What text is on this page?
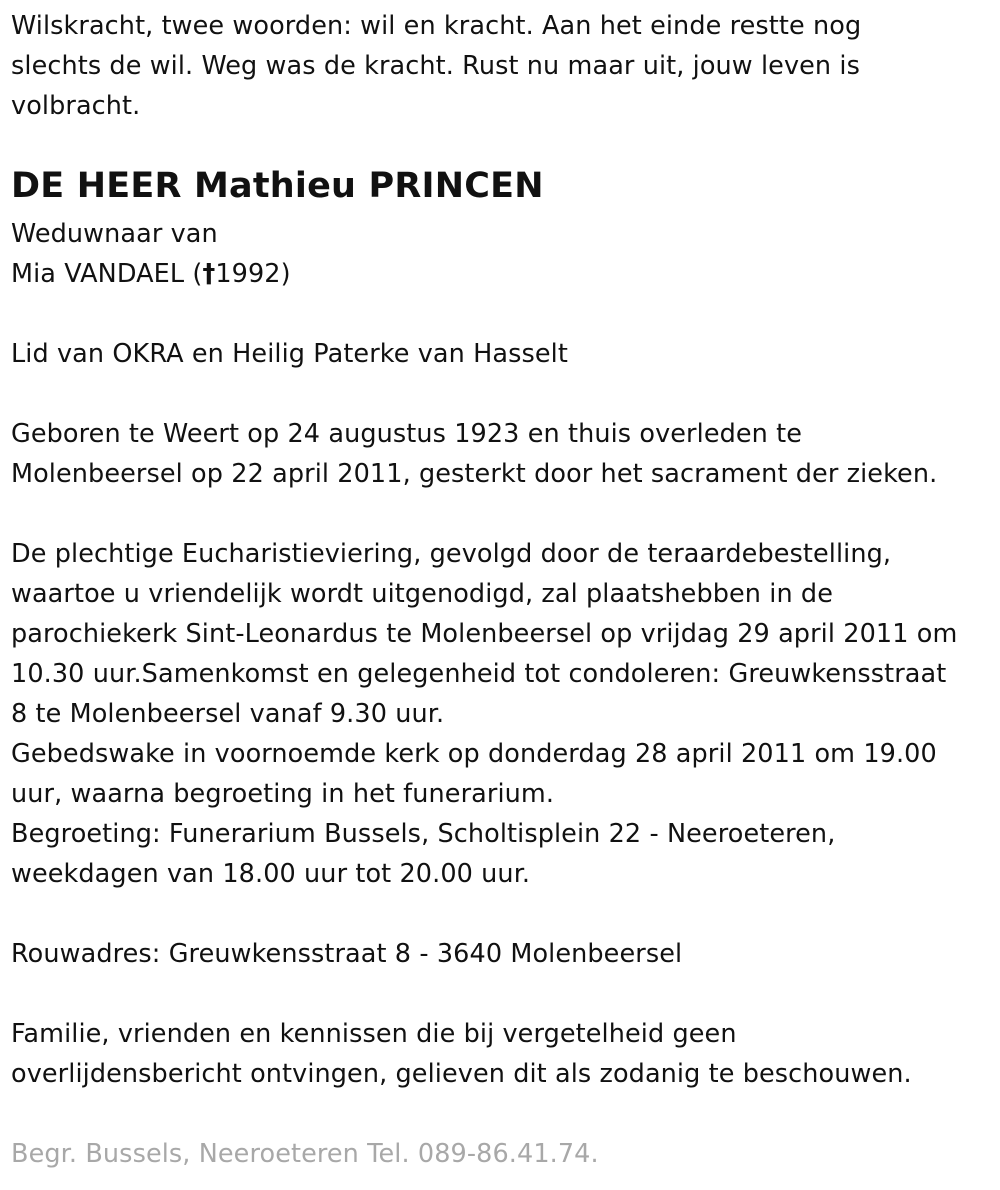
Wilskracht, twee woorden: wil en kracht. Aan het einde restte nog

slechts de wil. Weg was de kracht. Rust nu maar uit, jouw leven is

volbracht.

DE HEER Mathieu PRINCEN

Weduwnaar van

Mia VANDAEL (†1992)

Lid van OKRA en Heilig Paterke van Hasselt

Geboren te Weert op 24 augustus 1923 en thuis overleden te

Molenbeersel op 22 april 2011, gesterkt door het sacrament der zieken.

De plechtige Eucharistieviering, gevolgd door de teraardebestelling,

waartoe u vriendelijk wordt uitgenodigd, zal plaatshebben in de

parochiekerk Sint-Leonardus te Molenbeersel op vrijdag 29 april 2011 om

10.30 uur.Samenkomst en gelegenheid tot condoleren: Greuwkensstraat

8 te Molenbeersel vanaf 9.30 uur.

Gebedswake in voornoemde kerk op donderdag 28 april 2011 om 19.00

uur, waarna begroeting in het funerarium.

Begroeting: Funerarium Bussels, Scholtisplein 22 - Neeroeteren,

weekdagen van 18.00 uur tot 20.00 uur.

Rouwadres: Greuwkensstraat 8 - 3640 Molenbeersel

Familie, vrienden en kennissen die bij vergetelheid geen

overlijdensbericht ontvingen, gelieven dit als zodanig te beschouwen.

Begr. Bussels, Neeroeteren Tel. 089-86.41.74.
